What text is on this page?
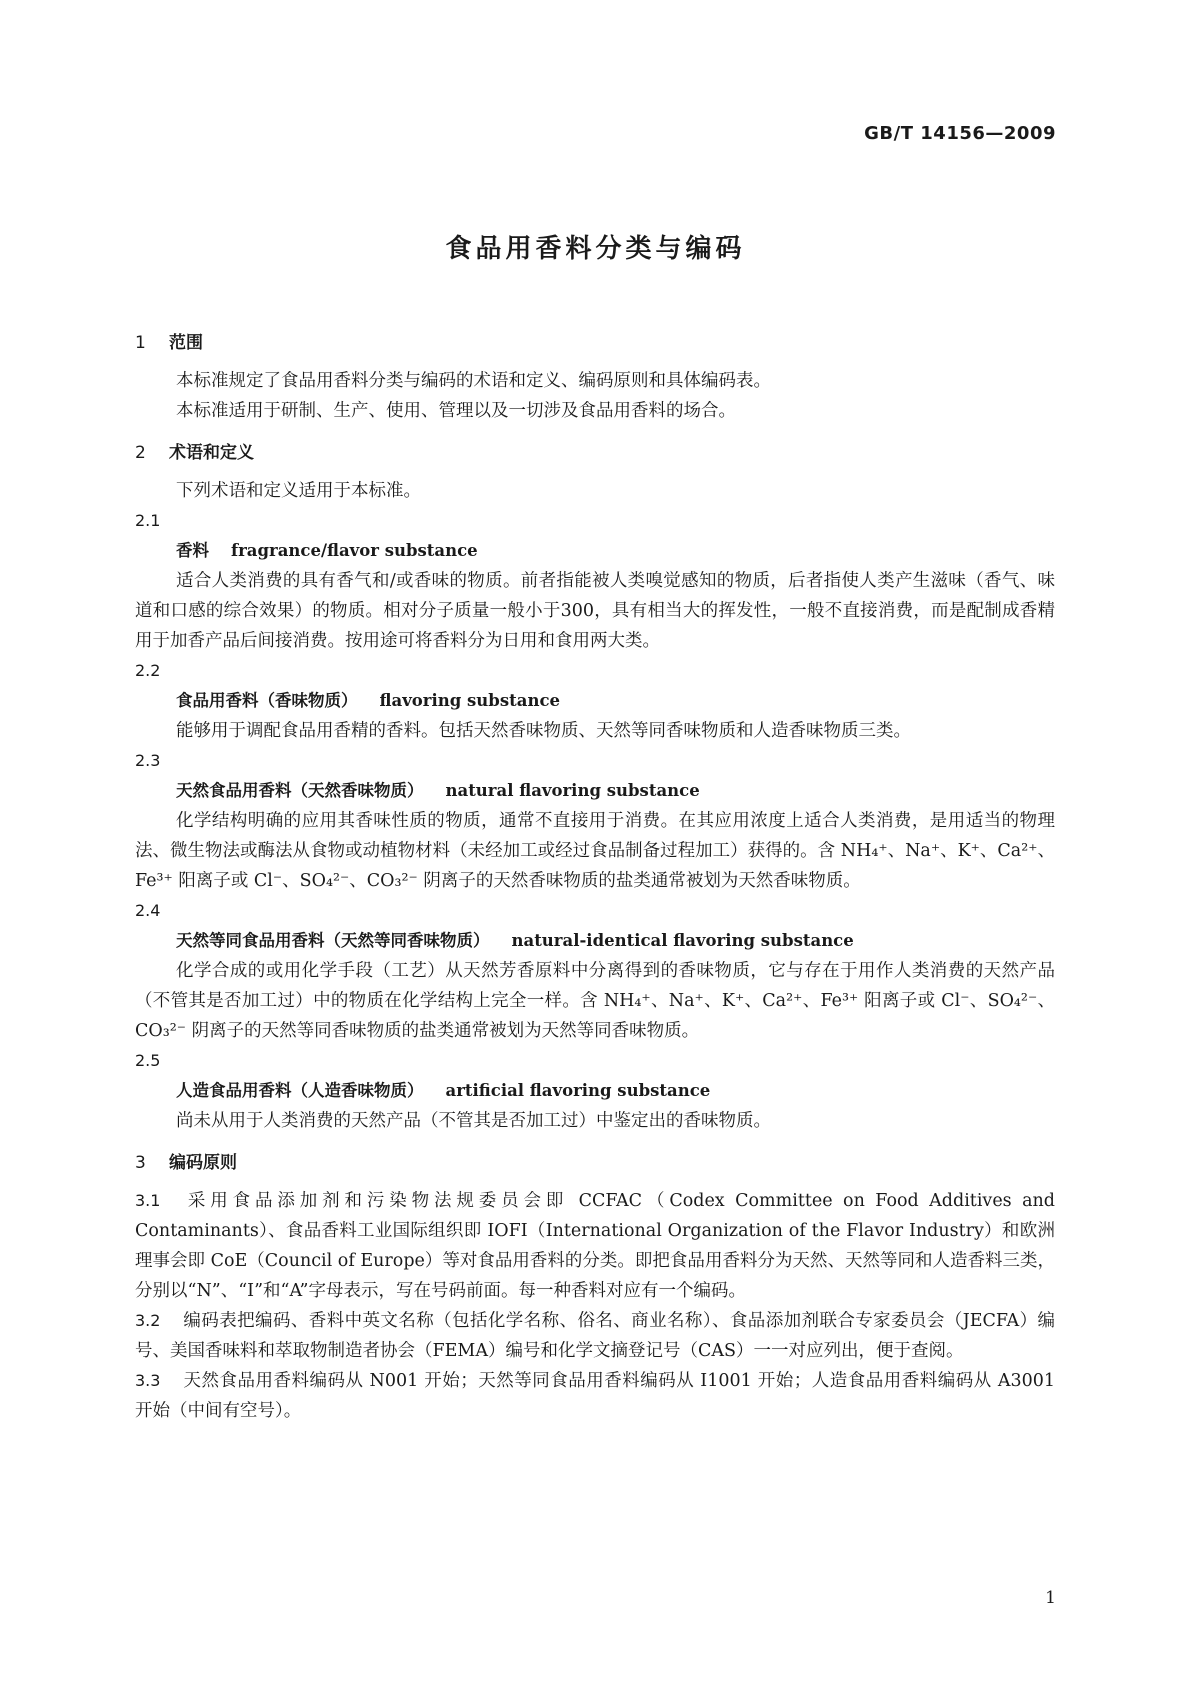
GB/T 14156—2009
食品用香料分类与编码
1 范围

本标准规定了食品用香料分类与编码的术语和定义、编码原则和具体编码表。

本标准适用于研制、生产、使用、管理以及一切涉及食品用香料的场合。

2 术语和定义

下列术语和定义适用于本标准。

2.1
香料 fragrance/flavor substance

适合人类消费的具有香气和/或香味的物质。前者指能被人类嗅觉感知的物质，后者指使人类产生滋味（香气、味道和口感的综合效果）的物质。相对分子质量一般小于300，具有相当大的挥发性，一般不直接消费，而是配制成香精用于加香产品后间接消费。按用途可将香料分为日用和食用两大类。

2.2
食品用香料（香味物质） flavoring substance

能够用于调配食品用香精的香料。包括天然香味物质、天然等同香味物质和人造香味物质三类。

2.3
天然食品用香料（天然香味物质） natural flavoring substance

化学结构明确的应用其香味性质的物质，通常不直接用于消费。在其应用浓度上适合人类消费，是用适当的物理法、微生物法或酶法从食物或动植物材料（未经加工或经过食品制备过程加工）获得的。含 NH₄⁺、Na⁺、K⁺、Ca²⁺、Fe³⁺ 阳离子或 Cl⁻、SO₄²⁻、CO₃²⁻ 阴离子的天然香味物质的盐类通常被划为天然香味物质。

2.4
天然等同食品用香料（天然等同香味物质） natural-identical flavoring substance

化学合成的或用化学手段（工艺）从天然芳香原料中分离得到的香味物质，它与存在于用作人类消费的天然产品（不管其是否加工过）中的物质在化学结构上完全一样。含 NH₄⁺、Na⁺、K⁺、Ca²⁺、Fe³⁺ 阳离子或 Cl⁻、SO₄²⁻、CO₃²⁻ 阴离子的天然等同香味物质的盐类通常被划为天然等同香味物质。

2.5
人造食品用香料（人造香味物质） artificial flavoring substance

尚未从用于人类消费的天然产品（不管其是否加工过）中鉴定出的香味物质。

3 编码原则

3.1 采用食品添加剂和污染物法规委员会即 CCFAC（Codex Committee on Food Additives and Contaminants）、食品香料工业国际组织即 IOFI（International Organization of the Flavor Industry）和欧洲理事会即 CoE（Council of Europe）等对食品用香料的分类。即把食品用香料分为天然、天然等同和人造香料三类，分别以“N”、“I”和“A”字母表示，写在号码前面。每一种香料对应有一个编码。

3.2 编码表把编码、香料中英文名称（包括化学名称、俗名、商业名称）、食品添加剂联合专家委员会（JECFA）编号、美国香味料和萃取物制造者协会（FEMA）编号和化学文摘登记号（CAS）一一对应列出，便于查阅。

3.3 天然食品用香料编码从 N001 开始；天然等同食品用香料编码从 I1001 开始；人造食品用香料编码从 A3001 开始（中间有空号）。

1
